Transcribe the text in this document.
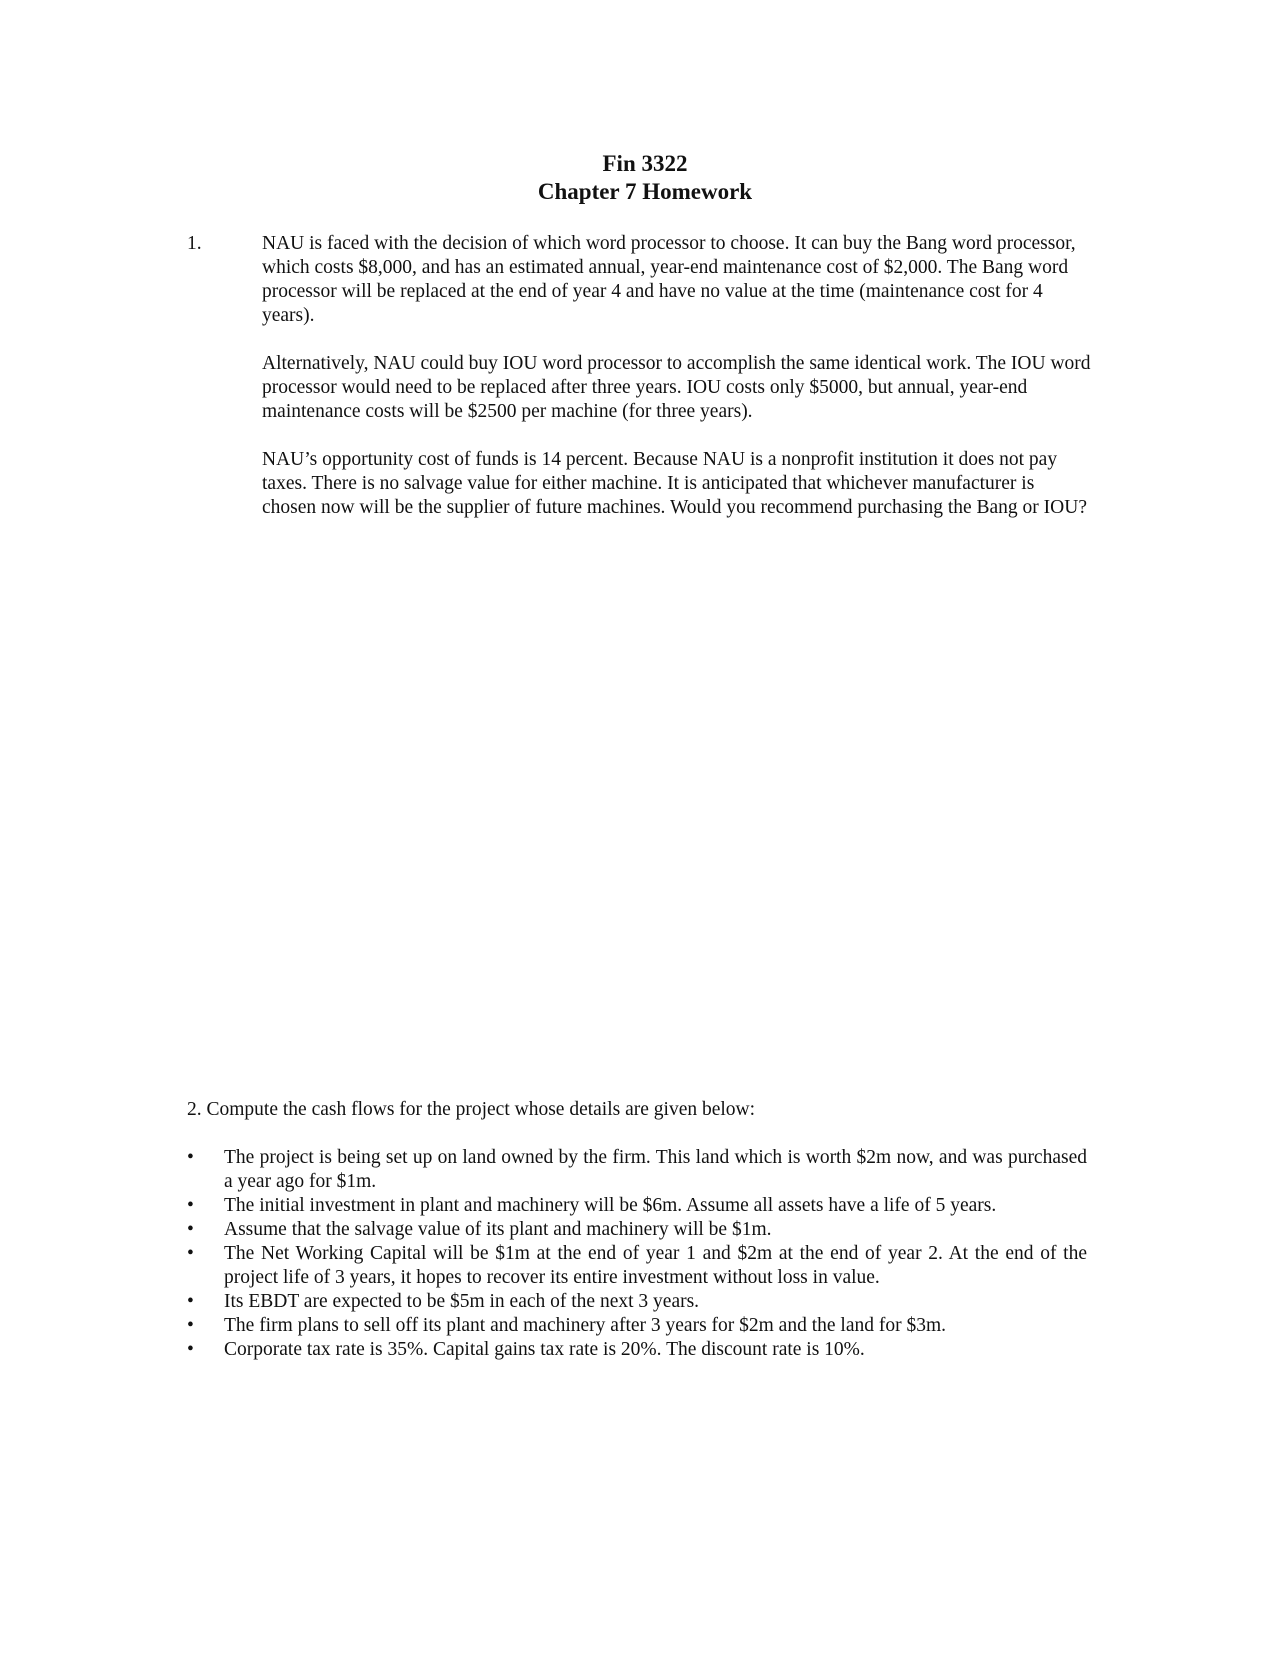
Fin 3322
Chapter 7 Homework
1.	NAU is faced with the decision of which word processor to choose. It can buy the Bang word processor, which costs $8,000, and has an estimated annual, year-end maintenance cost of $2,000. The Bang word processor will be replaced at the end of year 4 and have no value at the time (maintenance cost for 4 years).

Alternatively, NAU could buy IOU word processor to accomplish the same identical work. The IOU word processor would need to be replaced after three years. IOU costs only $5000, but annual, year-end maintenance costs will be $2500 per machine (for three years).

NAU’s opportunity cost of funds is 14 percent. Because NAU is a nonprofit institution it does not pay taxes. There is no salvage value for either machine. It is anticipated that whichever manufacturer is chosen now will be the supplier of future machines. Would you recommend purchasing the Bang or IOU?

2. Compute the cash flows for the project whose details are given below:
•	The project is being set up on land owned by the firm. This land which is worth $2m now, and was purchased a year ago for $1m.
•	The initial investment in plant and machinery will be $6m. Assume all assets have a life of 5 years.
•	Assume that the salvage value of its plant and machinery will be $1m.
•	The Net Working Capital will be $1m at the end of year 1 and $2m at the end of year 2. At the end of the project life of 3 years, it hopes to recover its entire investment without loss in value.
•	Its EBDT are expected to be $5m in each of the next 3 years.
•	The firm plans to sell off its plant and machinery after 3 years for $2m and the land for $3m.
•	Corporate tax rate is 35%. Capital gains tax rate is 20%. The discount rate is 10%.
